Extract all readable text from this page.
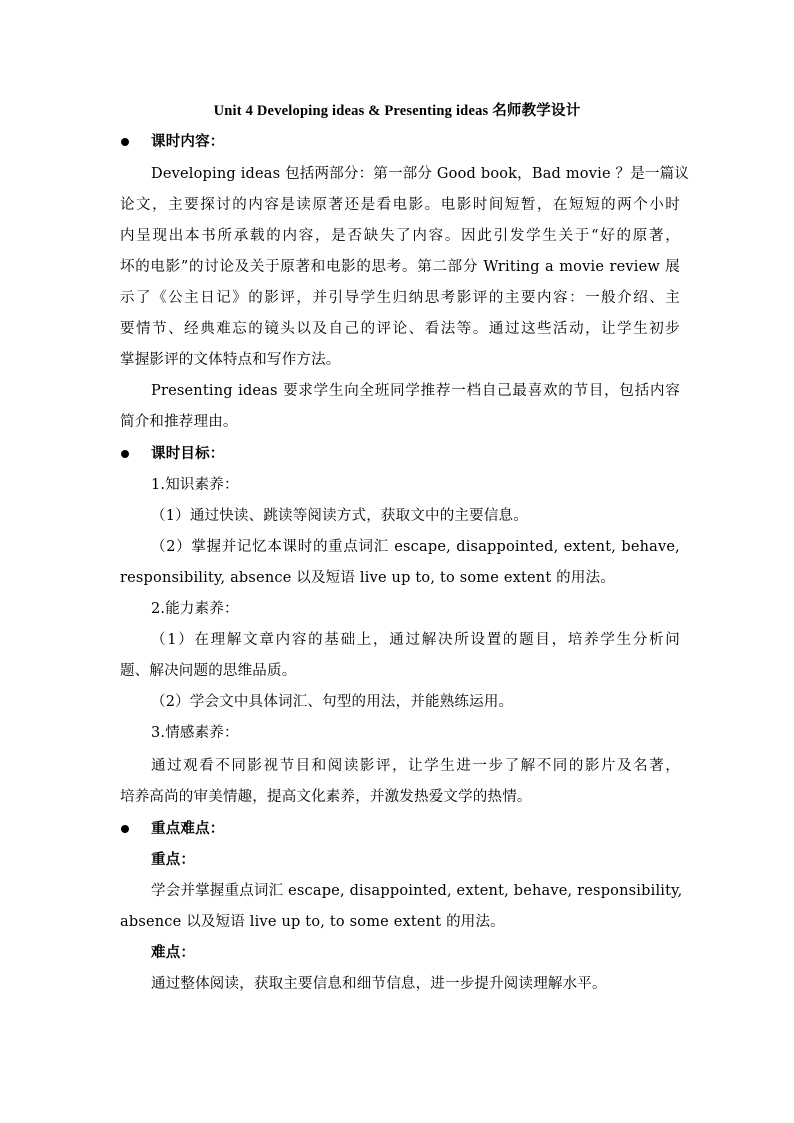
Unit 4 Developing ideas & Presenting ideas 名师教学设计
课时内容：
Developing ideas 包括两部分：第一部分 Good book，Bad movie ？是一篇议
论文，主要探讨的内容是读原著还是看电影。电影时间短暂，在短短的两个小时
内呈现出本书所承载的内容，是否缺失了内容。因此引发学生关于“好的原著，
坏的电影”的讨论及关于原著和电影的思考。第二部分 Writing a movie review 展
示了《公主日记》的影评，并引导学生归纳思考影评的主要内容：一般介绍、主
要情节、经典难忘的镜头以及自己的评论、看法等。通过这些活动，让学生初步
掌握影评的文体特点和写作方法。
Presenting ideas 要求学生向全班同学推荐一档自己最喜欢的节目，包括内容
简介和推荐理由。
课时目标：
1.知识素养：
（1）通过快读、跳读等阅读方式，获取文中的主要信息。
（2）掌握并记忆本课时的重点词汇 escape, disappointed, extent, behave,
responsibility, absence 以及短语 live up to, to some extent 的用法。
2.能力素养：
（1）在理解文章内容的基础上，通过解决所设置的题目，培养学生分析问
题、解决问题的思维品质。
（2）学会文中具体词汇、句型的用法，并能熟练运用。
3.情感素养：
通过观看不同影视节目和阅读影评，让学生进一步了解不同的影片及名著，
培养高尚的审美情趣，提高文化素养，并激发热爱文学的热情。
重点难点：
重点：
学会并掌握重点词汇 escape, disappointed, extent, behave, responsibility,
absence 以及短语 live up to, to some extent 的用法。
难点：
通过整体阅读，获取主要信息和细节信息，进一步提升阅读理解水平。
